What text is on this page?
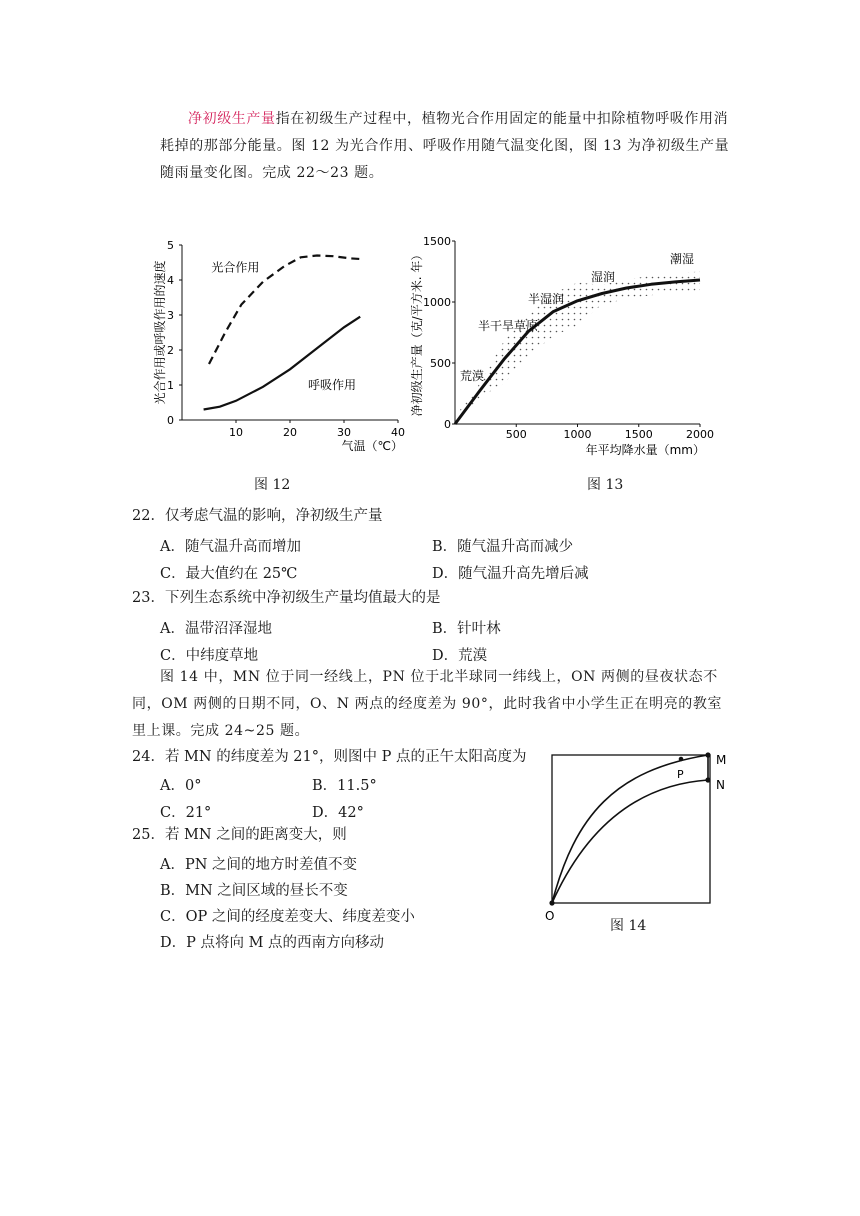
净初级生产量指在初级生产过程中，植物光合作用固定的能量中扣除植物呼吸作用消耗掉的那部分能量。图 12 为光合作用、呼吸作用随气温变化图，图 13 为净初级生产量随雨量变化图。完成 22～23 题。
0
1
2
3
4
5
10	20	30	40
光合作用或呼吸作用的速度
气温（℃）
光合作用
呼吸作用
图 12
0
500
1000
1500
500	1000	1500	2000
净初级生产量（克/平方米. 年）
年平均降水量（mm）
荒漠
半干旱草原
半湿润
湿润
潮湿
图 13
22．仅考虑气温的影响，净初级生产量
A．随气温升高而增加	B．随气温升高而减少
C．最大值约在 25℃	D．随气温升高先增后减
23．下列生态系统中净初级生产量均值最大的是
A．温带沼泽湿地	B．针叶林
C．中纬度草地	D．荒漠
图 14 中，MN 位于同一经线上，PN 位于北半球同一纬线上，ON 两侧的昼夜状态不同，OM 两侧的日期不同，O、N 两点的经度差为 90°，此时我省中小学生正在明亮的教室里上课。完成 24~25 题。
24．若 MN 的纬度差为 21°，则图中 P 点的正午太阳高度为
A．0°	B．11.5°
C．21°	D．42°
25．若 MN 之间的距离变大，则
A．PN 之间的地方时差值不变
B．MN 之间区域的昼长不变
C．OP 之间的经度差变大、纬度差变小
D．P 点将向 M 点的西南方向移动
M
N
P
O
图 14
